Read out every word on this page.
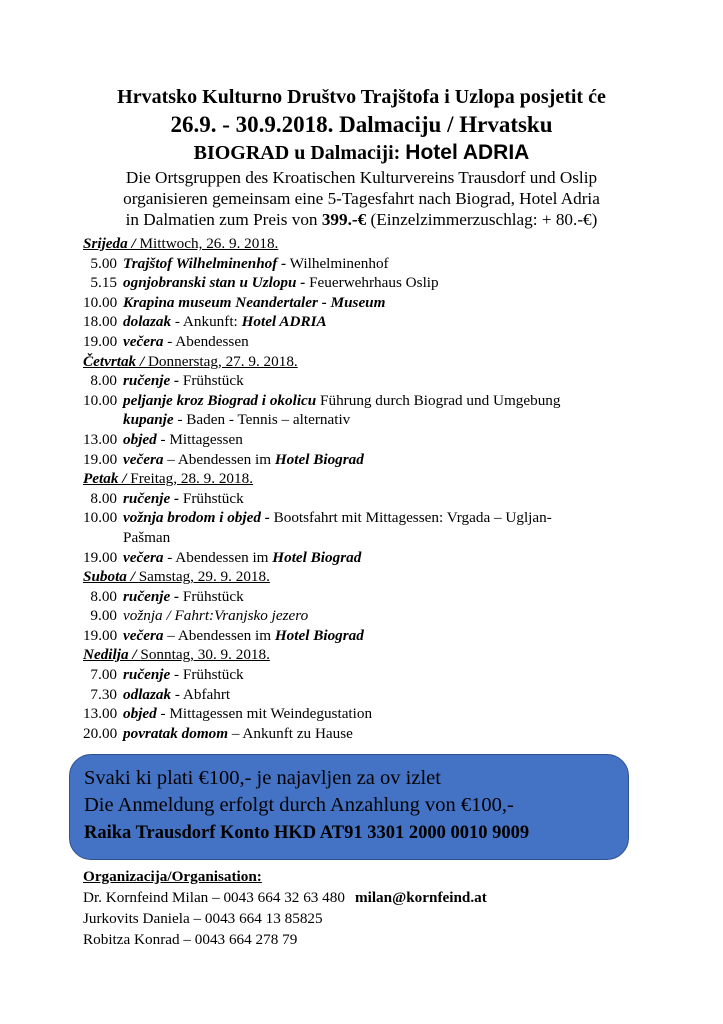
Hrvatsko Kulturno Društvo Trajštofa i Uzlopa posjetit će
26.9. - 30.9.2018. Dalmaciju / Hrvatsku
BIOGRAD u Dalmaciji: Hotel ADRIA
Die Ortsgruppen des Kroatischen Kulturvereins Trausdorf und Oslip
organisieren gemeinsam eine 5-Tagesfahrt nach Biograd, Hotel Adria
in Dalmatien zum Preis von 399.-€ (Einzelzimmerzuschlag: + 80.-€)
Srijeda / Mittwoch, 26. 9. 2018.
5.00 Trajštof Wilhelminenhof - Wilhelminenhof
5.15 ognjobranski stan u Uzlopu - Feuerwehrhaus Oslip
10.00 Krapina museum Neandertaler - Museum
18.00 dolazak - Ankunft: Hotel ADRIA
19.00 večera - Abendessen
Četvrtak / Donnerstag, 27. 9. 2018.
8.00 ručenje - Frühstück
10.00 peljanje kroz Biograd i okolicu Führung durch Biograd und Umgebung
kupanje - Baden - Tennis – alternativ
13.00 objed - Mittagessen
19.00 večera – Abendessen im Hotel Biograd
Petak / Freitag, 28. 9. 2018.
8.00 ručenje - Frühstück
10.00 vožnja brodom i objed - Bootsfahrt mit Mittagessen: Vrgada – Ugljan-
Pašman
19.00 večera - Abendessen im Hotel Biograd
Subota / Samstag, 29. 9. 2018.
8.00 ručenje - Frühstück
9.00 vožnja / Fahrt:Vranjsko jezero
19.00 večera – Abendessen im Hotel Biograd
Nedilja / Sonntag, 30. 9. 2018.
7.00 ručenje - Frühstück
7.30 odlazak - Abfahrt
13.00 objed - Mittagessen mit Weindegustation
20.00 povratak domom – Ankunft zu Hause
Svaki ki plati €100,- je najavljen za ov izlet
Die Anmeldung erfolgt durch Anzahlung von €100,-
Raika Trausdorf Konto HKD AT91 3301 2000 0010 9009
Organizacija/Organisation:
Dr. Kornfeind Milan – 0043 664 32 63 480 milan@kornfeind.at
Jurkovits Daniela – 0043 664 13 85825
Robitza Konrad – 0043 664 278 79
